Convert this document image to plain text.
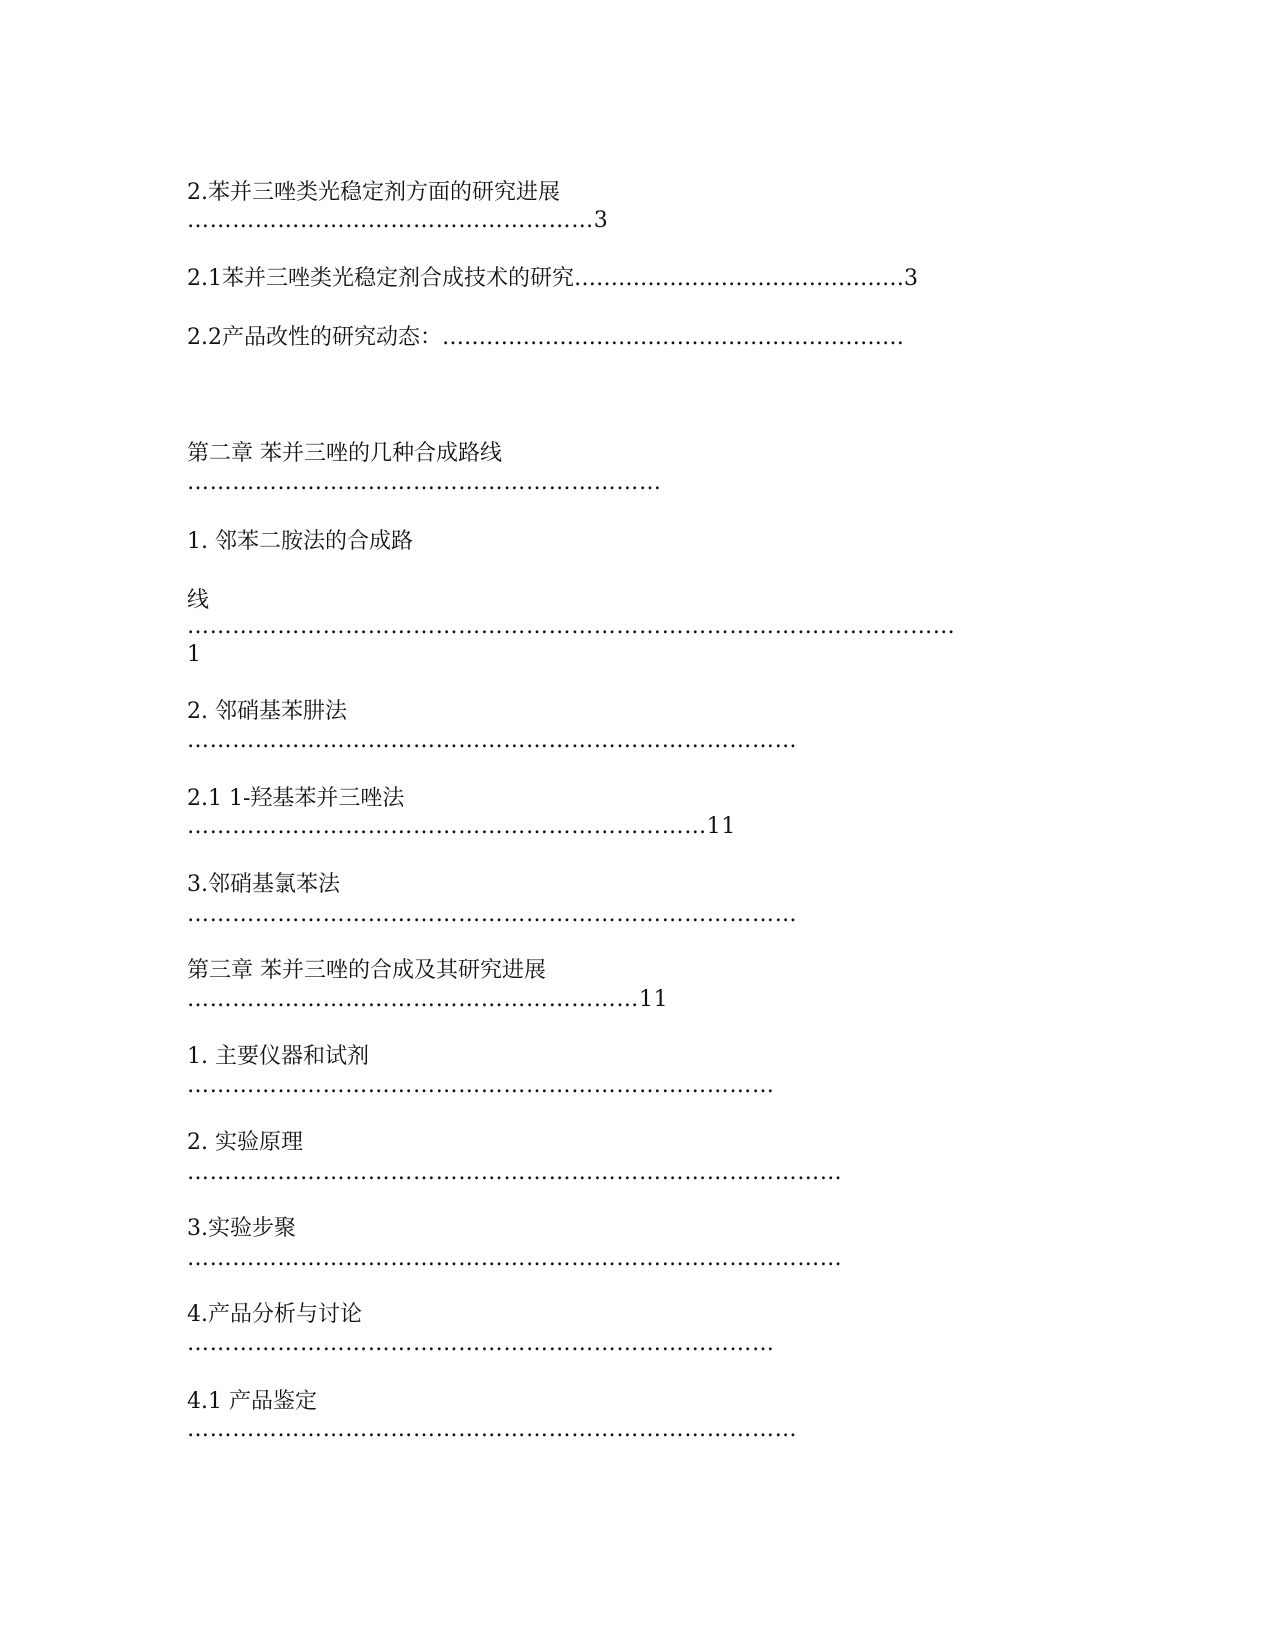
2.苯并三唑类光稳定剂方面的研究进展
………………………………………………3
2.1苯并三唑类光稳定剂合成技术的研究………………………………………3
2.2产品改性的研究动态：………………………………………………………
第二章 苯并三唑的几种合成路线
………………………………………………………
1. 邻苯二胺法的合成路
线
…………………………………………………………………………………………
1
2. 邻硝基苯肼法
………………………………………………………………………
2.1 1-羟基苯并三唑法
……………………………………………………………11
3.邻硝基氯苯法
………………………………………………………………………
第三章 苯并三唑的合成及其研究进展
……………………………………………………11
1. 主要仪器和试剂
……………………………………………………………………
2. 实验原理
……………………………………………………………………………
3.实验步聚
……………………………………………………………………………
4.产品分析与讨论
……………………………………………………………………
4.1 产品鉴定
………………………………………………………………………
